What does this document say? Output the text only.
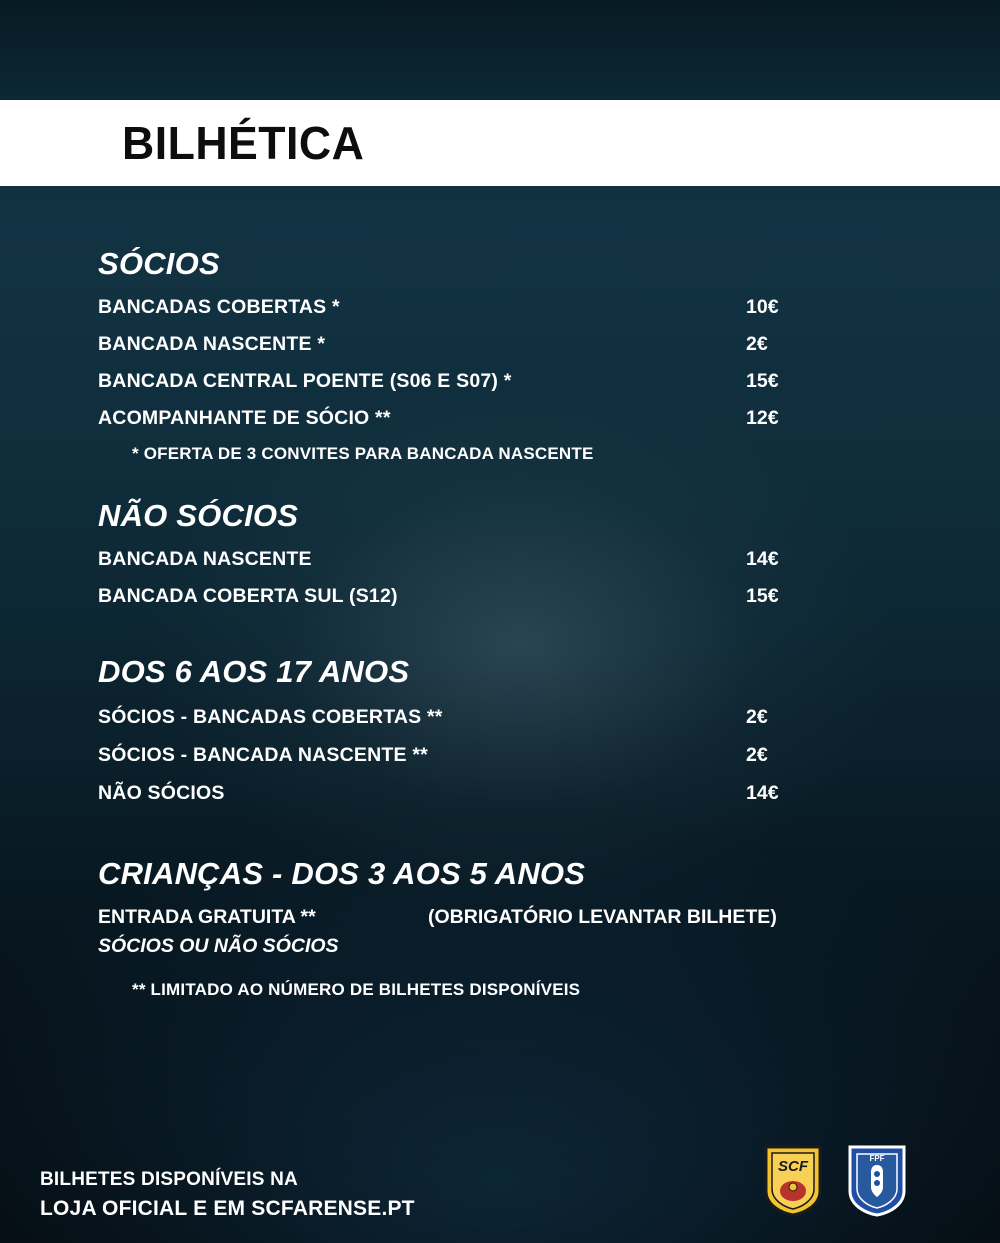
BILHÉTICA
SÓCIOS
BANCADAS COBERTAS *	10€
BANCADA NASCENTE *	2€
BANCADA CENTRAL POENTE (S06 E S07) *	15€
ACOMPANHANTE DE SÓCIO **	12€
* OFERTA DE 3 CONVITES PARA BANCADA NASCENTE
NÃO SÓCIOS
BANCADA NASCENTE	14€
BANCADA COBERTA SUL (S12)	15€
DOS 6 AOS 17 ANOS
SÓCIOS - BANCADAS COBERTAS **	2€
SÓCIOS - BANCADA NASCENTE **	2€
NÃO SÓCIOS	14€
CRIANÇAS - DOS 3 AOS 5 ANOS
ENTRADA GRATUITA **	(OBRIGATÓRIO LEVANTAR BILHETE)
SÓCIOS OU NÃO SÓCIOS
** LIMITADO AO NÚMERO DE BILHETES DISPONÍVEIS
BILHETES DISPONÍVEIS NA
LOJA OFICIAL E EM SCFARENSE.PT
SCF	FPF
